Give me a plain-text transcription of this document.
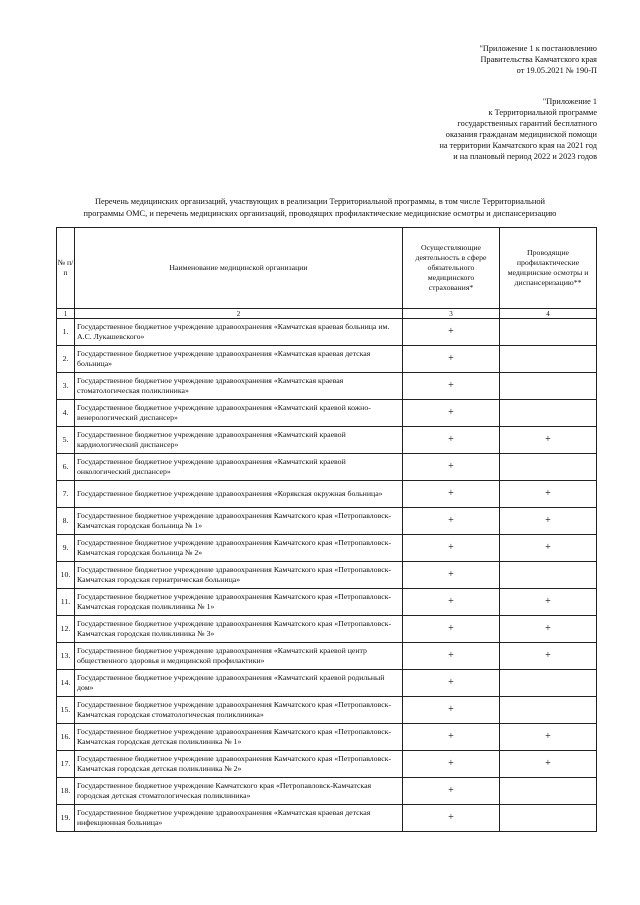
"Приложение 1 к постановлению
Правительства Камчатского края
от 19.05.2021 № 190-П
"Приложение 1
к Территориальной программе
государственных гарантий бесплатного
оказания гражданам медицинской помощи
на территории Камчатского края на 2021 год
и на плановый период 2022 и 2023 годов
Перечень медицинских организаций, участвующих в реализации Территориальной программы, в том числе Территориальной
программы ОМС, и перечень медицинских организаций, проводящих профилактические медицинские осмотры и диспансеризацию
№ п/п	Наименование медицинской организации	Осуществляющие деятельность в сфере обязательного медицинского страхования*	Проводящие профилактические медицинские осмотры и диспансеризацию**
1	2	3	4
1.	Государственное бюджетное учреждение здравоохранения «Камчатская краевая больница им. А.С. Лукашевского»	+	
2.	Государственное бюджетное учреждение здравоохранения «Камчатская краевая детская больница»	+	
3.	Государственное бюджетное учреждение здравоохранения «Камчатская краевая стоматологическая поликлиника»	+	
4.	Государственное бюджетное учреждение здравоохранения «Камчатский краевой кожно-венерологический диспансер»	+	
5.	Государственное бюджетное учреждение здравоохранения «Камчатский краевой кардиологический диспансер»	+	+
6.	Государственное бюджетное учреждение здравоохранения «Камчатский краевой онкологический диспансер»	+	
7.	Государственное бюджетное учреждение здравоохранения «Корякская окружная больница»	+	+
8.	Государственное бюджетное учреждение здравоохранения Камчатского края «Петропавловск-Камчатская городская больница № 1»	+	+
9.	Государственное бюджетное учреждение здравоохранения Камчатского края «Петропавловск-Камчатская городская больница № 2»	+	+
10.	Государственное бюджетное учреждение здравоохранения Камчатского края «Петропавловск-Камчатская городская гериатрическая больница»	+	
11.	Государственное бюджетное учреждение здравоохранения Камчатского края «Петропавловск-Камчатская городская поликлиника № 1»	+	+
12.	Государственное бюджетное учреждение здравоохранения Камчатского края «Петропавловск-Камчатская городская поликлиника № 3»	+	+
13.	Государственное бюджетное учреждение здравоохранения «Камчатский краевой центр общественного здоровья и медицинской профилактики»	+	+
14.	Государственное бюджетное учреждение здравоохранения «Камчатский краевой родильный дом»	+	
15.	Государственное бюджетное учреждение здравоохранения Камчатского края «Петропавловск-Камчатская городская стоматологическая поликлиника»	+	
16.	Государственное бюджетное учреждение здравоохранения Камчатского края «Петропавловск-Камчатская городская детская поликлиника № 1»	+	+
17.	Государственное бюджетное учреждение здравоохранения Камчатского края «Петропавловск-Камчатская городская детская поликлиника № 2»	+	+
18.	Государственное бюджетное учреждение Камчатского края «Петропавловск-Камчатская городская детская стоматологическая поликлиника»	+	
19.	Государственное бюджетное учреждение здравоохранения «Камчатская краевая детская инфекционная больница»	+	
